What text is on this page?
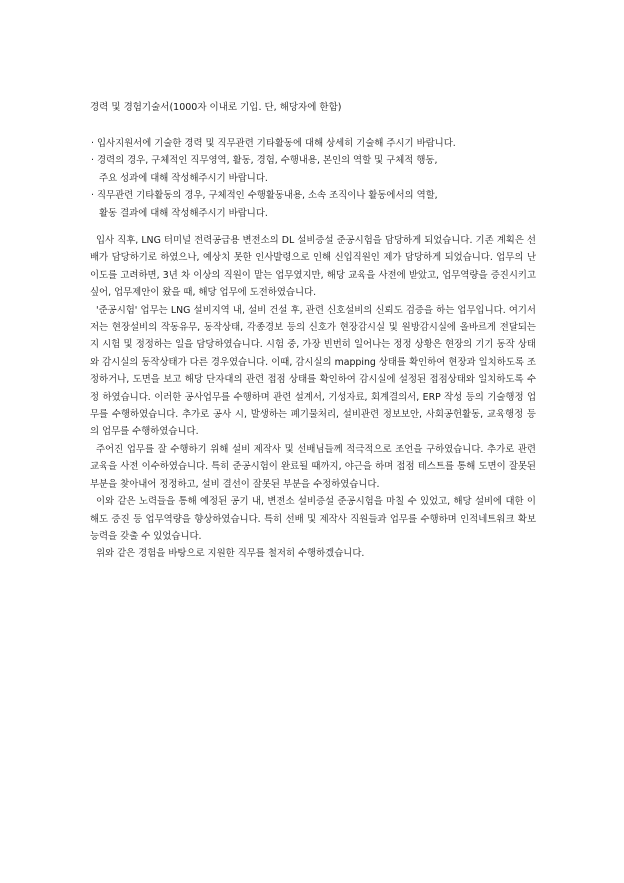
경력 및 경험기술서(1000자 이내로 기입. 단, 해당자에 한함)
· 입사지원서에 기술한 경력 및 직무관련 기타활동에 대해 상세히 기술해 주시기 바랍니다.
· 경력의 경우, 구체적인 직무영역, 활동, 경험, 수행내용, 본인의 역할 및 구체적 행동,
주요 성과에 대해 작성해주시기 바랍니다.
· 직무관련 기타활동의 경우, 구체적인 수행활동내용, 소속 조직이나 활동에서의 역할,
활동 결과에 대해 작성해주시기 바랍니다.

입사 직후, LNG 터미널 전력공급용 변전소의 DL 설비증설 준공시험을 담당하게 되었습니다. 기존 계획은 선배가 담당하기로 하였으나, 예상치 못한 인사발령으로 인해 신입직원인 제가 담당하게 되었습니다. 업무의 난이도를 고려하면, 3년 차 이상의 직원이 맡는 업무였지만, 해당 교육을 사전에 받았고, 업무역량을 증진시키고 싶어, 업무제안이 왔을 때, 해당 업무에 도전하였습니다.

'준공시험' 업무는 LNG 설비지역 내, 설비 건설 후, 관련 신호설비의 신뢰도 검증을 하는 업무입니다. 여기서 저는 현장설비의 작동유무, 동작상태, 각종경보 등의 신호가 현장감시실 및 원방감시실에 올바르게 전달되는지 시험 및 정정하는 일을 담당하였습니다. 시험 중, 가장 빈번히 일어나는 정정 상황은 현장의 기기 동작 상태와 감시실의 동작상태가 다른 경우였습니다. 이때, 감시실의 mapping 상태를 확인하여 현장과 일치하도록 조정하거나, 도면을 보고 해당 단자대의 관련 접점 상태를 확인하여 감시실에 설정된 접점상태와 일치하도록 수정 하였습니다. 이러한 공사업무를 수행하며 관련 설계서, 기성자료, 회계결의서, ERP 작성 등의 기술행정 업무를 수행하였습니다. 추가로 공사 시, 발생하는 폐기물처리, 설비관련 정보보안, 사회공헌활동, 교육행정 등의 업무를 수행하였습니다.

주어진 업무를 잘 수행하기 위해 설비 제작사 및 선배님들께 적극적으로 조언을 구하였습니다. 추가로 관련 교육을 사전 이수하였습니다. 특히 준공시험이 완료될 때까지, 야근을 하며 접점 테스트를 통해 도면이 잘못된 부분을 찾아내어 정정하고, 설비 결선이 잘못된 부분을 수정하였습니다.

이와 같은 노력들을 통해 예정된 공기 내, 변전소 설비증설 준공시험을 마칠 수 있었고, 해당 설비에 대한 이해도 증진 등 업무역량을 향상하였습니다. 특히 선배 및 제작사 직원들과 업무를 수행하며 인적네트워크 확보능력을 갖출 수 있었습니다.

위와 같은 경험을 바탕으로 지원한 직무를 철저히 수행하겠습니다.
